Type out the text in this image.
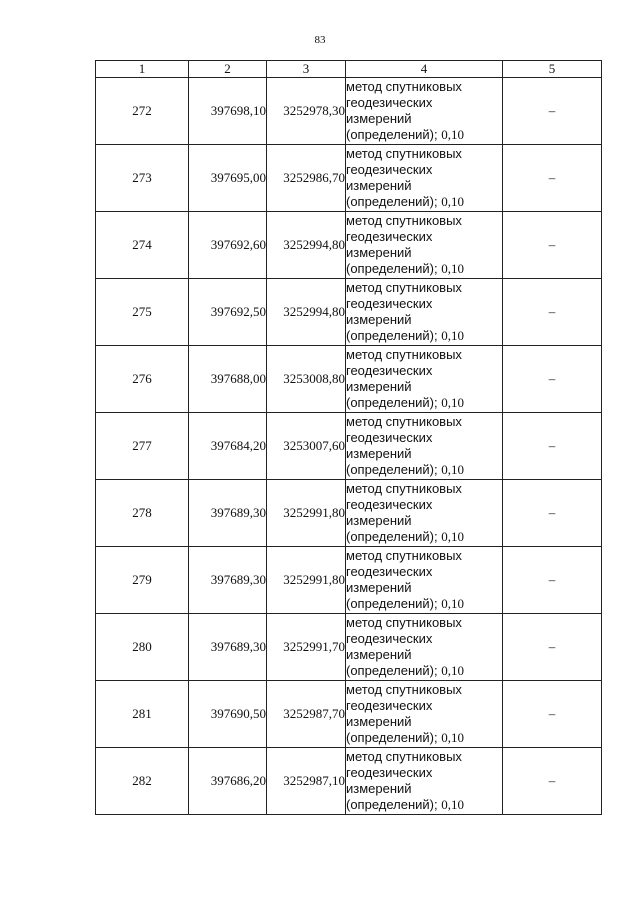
83
1	2	3	4	5
272	397698,10	3252978,30	метод спутниковых
геодезических
измерений
(определений); 0,10	–
273	397695,00	3252986,70	метод спутниковых
геодезических
измерений
(определений); 0,10	–
274	397692,60	3252994,80	метод спутниковых
геодезических
измерений
(определений); 0,10	–
275	397692,50	3252994,80	метод спутниковых
геодезических
измерений
(определений); 0,10	–
276	397688,00	3253008,80	метод спутниковых
геодезических
измерений
(определений); 0,10	–
277	397684,20	3253007,60	метод спутниковых
геодезических
измерений
(определений); 0,10	–
278	397689,30	3252991,80	метод спутниковых
геодезических
измерений
(определений); 0,10	–
279	397689,30	3252991,80	метод спутниковых
геодезических
измерений
(определений); 0,10	–
280	397689,30	3252991,70	метод спутниковых
геодезических
измерений
(определений); 0,10	–
281	397690,50	3252987,70	метод спутниковых
геодезических
измерений
(определений); 0,10	–
282	397686,20	3252987,10	метод спутниковых
геодезических
измерений
(определений); 0,10	–
